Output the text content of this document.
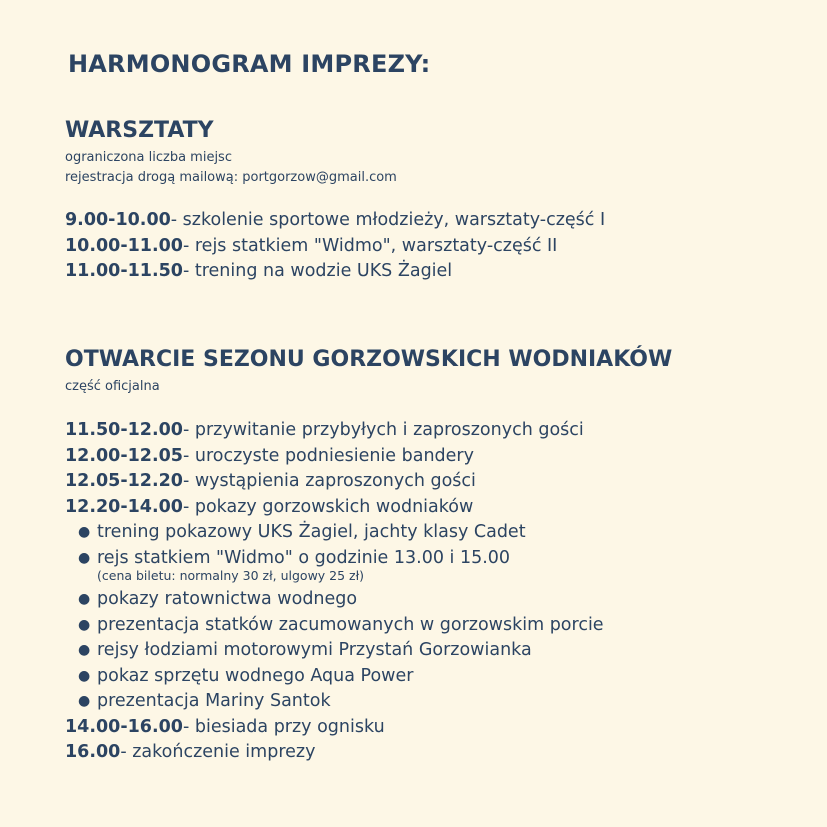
HARMONOGRAM IMPREZY:
WARSZTATY
ograniczona liczba miejsc
rejestracja drogą mailową: portgorzow@gmail.com
9.00-10.00- szkolenie sportowe młodzieży, warsztaty-część I
10.00-11.00- rejs statkiem "Widmo", warsztaty-część II
11.00-11.50- trening na wodzie UKS Żagiel
OTWARCIE SEZONU GORZOWSKICH WODNIAKÓW
część oficjalna
11.50-12.00- przywitanie przybyłych i zaproszonych gości
12.00-12.05- uroczyste podniesienie bandery
12.05-12.20- wystąpienia zaproszonych gości
12.20-14.00- pokazy gorzowskich wodniaków
● trening pokazowy UKS Żagiel, jachty klasy Cadet
● rejs statkiem "Widmo" o godzinie 13.00 i 15.00
(cena biletu: normalny 30 zł, ulgowy 25 zł)
● pokazy ratownictwa wodnego
● prezentacja statków zacumowanych w gorzowskim porcie
● rejsy łodziami motorowymi Przystań Gorzowianka
● pokaz sprzętu wodnego Aqua Power
● prezentacja Mariny Santok
14.00-16.00- biesiada przy ognisku
16.00- zakończenie imprezy
